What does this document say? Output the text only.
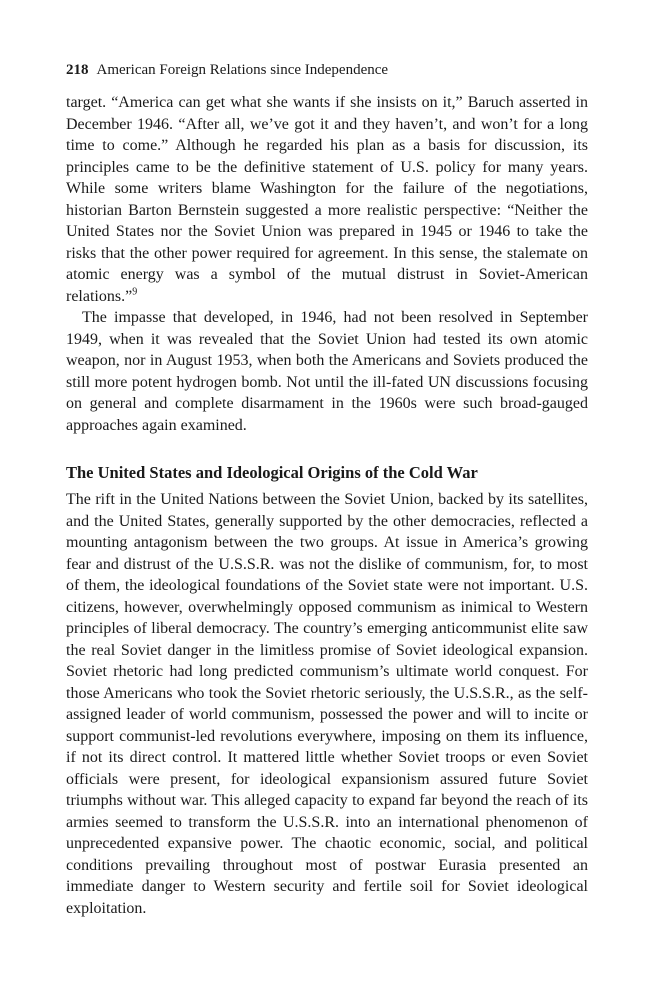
218 American Foreign Relations since Independence

target. “America can get what she wants if she insists on it,” Baruch asserted in December 1946. “After all, we’ve got it and they haven’t, and won’t for a long time to come.” Although he regarded his plan as a basis for discussion, its principles came to be the definitive statement of U.S. policy for many years. While some writers blame Washington for the failure of the negotiations, historian Barton Bernstein suggested a more realistic perspective: “Neither the United States nor the Soviet Union was prepared in 1945 or 1946 to take the risks that the other power required for agreement. In this sense, the stalemate on atomic energy was a symbol of the mutual distrust in Soviet-American relations.”$^9$

The impasse that developed, in 1946, had not been resolved in September 1949, when it was revealed that the Soviet Union had tested its own atomic weapon, nor in August 1953, when both the Americans and Soviets produced the still more potent hydrogen bomb. Not until the ill-fated UN discussions focusing on general and complete disarmament in the 1960s were such broad-gauged approaches again examined.

The United States and Ideological Origins of the Cold War

The rift in the United Nations between the Soviet Union, backed by its satellites, and the United States, generally supported by the other democracies, reflected a mounting antagonism between the two groups. At issue in America’s growing fear and distrust of the U.S.S.R. was not the dislike of communism, for, to most of them, the ideological foundations of the Soviet state were not important. U.S. citizens, however, overwhelmingly opposed communism as inimical to Western principles of liberal democracy. The country’s emerging anticommunist elite saw the real Soviet danger in the limitless promise of Soviet ideological expansion. Soviet rhetoric had long predicted communism’s ultimate world conquest. For those Americans who took the Soviet rhetoric seriously, the U.S.S.R., as the self-assigned leader of world communism, possessed the power and will to incite or support communist-led revolutions everywhere, imposing on them its influence, if not its direct control. It mattered little whether Soviet troops or even Soviet officials were present, for ideological expansionism assured future Soviet triumphs without war. This alleged capacity to expand far beyond the reach of its armies seemed to transform the U.S.S.R. into an international phenomenon of unprecedented expansive power. The chaotic economic, social, and political conditions prevailing throughout most of postwar Eurasia presented an immediate danger to Western security and fertile soil for Soviet ideological exploitation.
